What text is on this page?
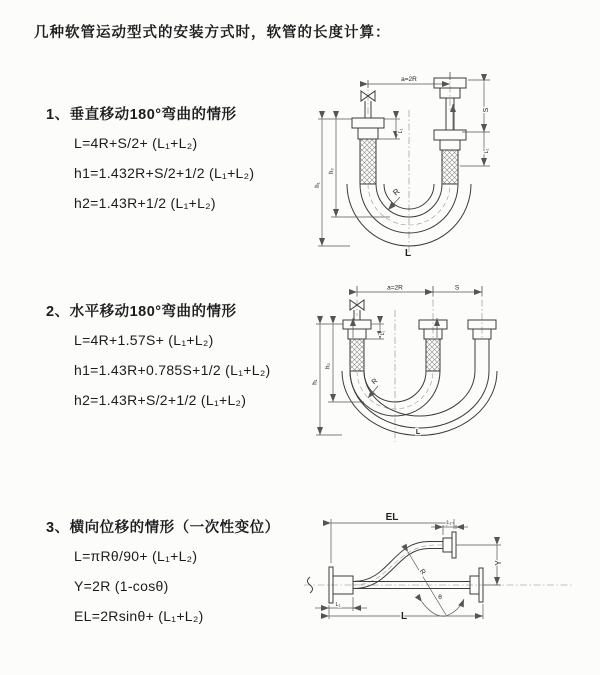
几种软管运动型式的安装方式时，软管的长度计算：
1、垂直移动180°弯曲的情形
L=4R+S/2+ (L₁+L₂)
h1=1.432R+S/2+1/2 (L₁+L₂)
h2=1.43R+1/2 (L₁+L₂)
2、水平移动180°弯曲的情形
L=4R+1.57S+ (L₁+L₂)
h1=1.43R+0.785S+1/2 (L₁+L₂)
h2=1.43R+S/2+1/2 (L₁+L₂)
3、横向位移的情形（一次性变位）
L=πRθ/90+ (L₁+L₂)
Y=2R (1-cosθ)
EL=2Rsinθ+ (L₁+L₂)
a=2R
S
L₁
L₁
h₁
h₂
R
L
a=2R	S
L₁
h₁
h₂
R
L
EL	L₂
Y
R
θ
L₁
L
